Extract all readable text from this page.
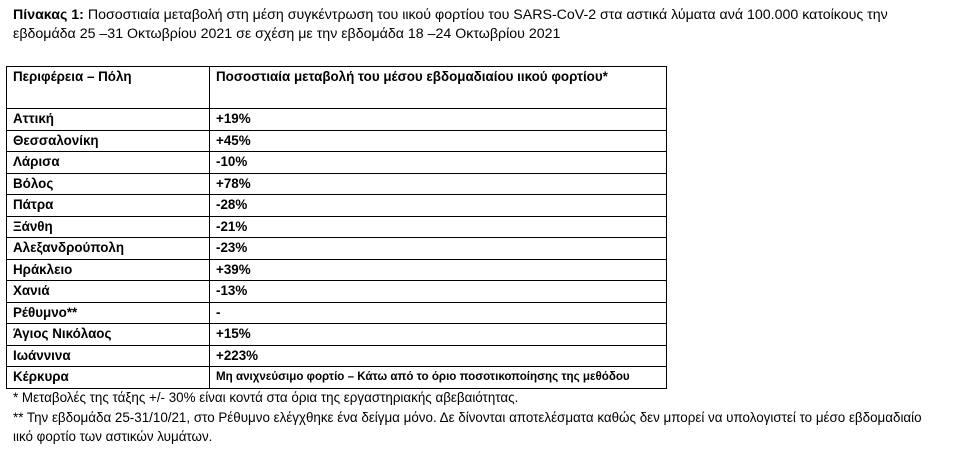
Πίνακας 1: Ποσοστιαία μεταβολή στη μέση συγκέντρωση του ιικού φορτίου του SARS-CoV-2 στα αστικά λύματα ανά 100.000 κατοίκους την εβδομάδα 25 –31 Οκτωβρίου 2021 σε σχέση με την εβδομάδα 18 –24 Οκτωβρίου 2021
Περιφέρεια – Πόλη	Ποσοστιαία μεταβολή του μέσου εβδομαδιαίου ιικού φορτίου*
Αττική	+19%
Θεσσαλονίκη	+45%
Λάρισα	-10%
Βόλος	+78%
Πάτρα	-28%
Ξάνθη	-21%
Αλεξανδρούπολη	-23%
Ηράκλειο	+39%
Χανιά	-13%
Ρέθυμνο**	-
Άγιος Νικόλαος	+15%
Ιωάννινα	+223%
Κέρκυρα	Μη ανιχνεύσιμο φορτίο – Κάτω από το όριο ποσοτικοποίησης της μεθόδου
* Μεταβολές της τάξης +/- 30% είναι κοντά στα όρια της εργαστηριακής αβεβαιότητας.
** Την εβδομάδα 25-31/10/21, στο Ρέθυμνο ελέγχθηκε ένα δείγμα μόνο. Δε δίνονται αποτελέσματα καθώς δεν μπορεί να υπολογιστεί το μέσο εβδομαδιαίο ιικό φορτίο των αστικών λυμάτων.
